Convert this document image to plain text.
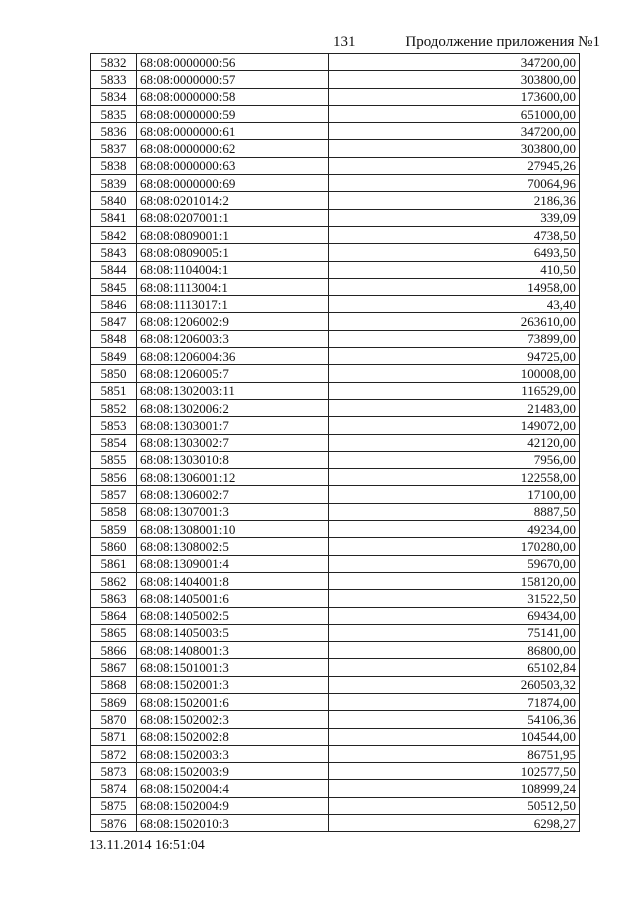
131	Продолжение приложения №1
5832	68:08:0000000:56	347200,00
5833	68:08:0000000:57	303800,00
5834	68:08:0000000:58	173600,00
5835	68:08:0000000:59	651000,00
5836	68:08:0000000:61	347200,00
5837	68:08:0000000:62	303800,00
5838	68:08:0000000:63	27945,26
5839	68:08:0000000:69	70064,96
5840	68:08:0201014:2	2186,36
5841	68:08:0207001:1	339,09
5842	68:08:0809001:1	4738,50
5843	68:08:0809005:1	6493,50
5844	68:08:1104004:1	410,50
5845	68:08:1113004:1	14958,00
5846	68:08:1113017:1	43,40
5847	68:08:1206002:9	263610,00
5848	68:08:1206003:3	73899,00
5849	68:08:1206004:36	94725,00
5850	68:08:1206005:7	100008,00
5851	68:08:1302003:11	116529,00
5852	68:08:1302006:2	21483,00
5853	68:08:1303001:7	149072,00
5854	68:08:1303002:7	42120,00
5855	68:08:1303010:8	7956,00
5856	68:08:1306001:12	122558,00
5857	68:08:1306002:7	17100,00
5858	68:08:1307001:3	8887,50
5859	68:08:1308001:10	49234,00
5860	68:08:1308002:5	170280,00
5861	68:08:1309001:4	59670,00
5862	68:08:1404001:8	158120,00
5863	68:08:1405001:6	31522,50
5864	68:08:1405002:5	69434,00
5865	68:08:1405003:5	75141,00
5866	68:08:1408001:3	86800,00
5867	68:08:1501001:3	65102,84
5868	68:08:1502001:3	260503,32
5869	68:08:1502001:6	71874,00
5870	68:08:1502002:3	54106,36
5871	68:08:1502002:8	104544,00
5872	68:08:1502003:3	86751,95
5873	68:08:1502003:9	102577,50
5874	68:08:1502004:4	108999,24
5875	68:08:1502004:9	50512,50
5876	68:08:1502010:3	6298,27
13.11.2014 16:51:04
